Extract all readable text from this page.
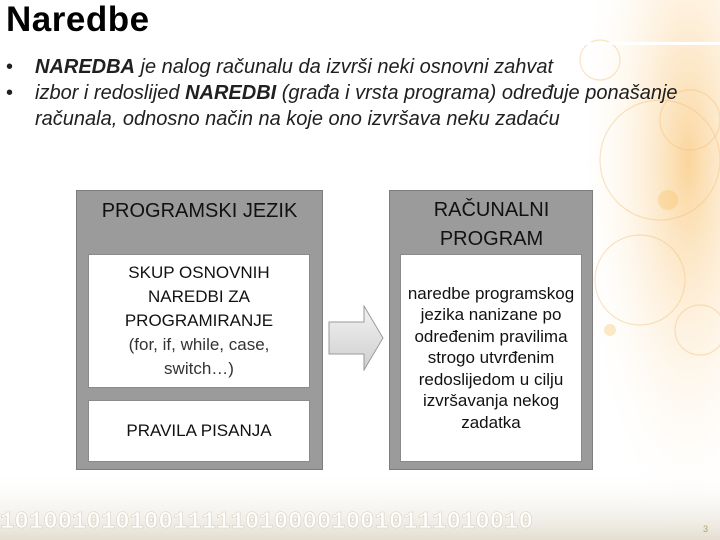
Naredbe
• NAREDBA je nalog računalu da izvrši neki osnovni zahvat
• izbor i redoslijed NAREDBI (građa i vrsta programa) određuje ponašanje računala, odnosno način na koje ono izvršava neku zadaću
PROGRAMSKI JEZIK
SKUP OSNOVNIH NAREDBI ZA PROGRAMIRANJE
(for, if, while, case, switch…)
PRAVILA PISANJA
RAČUNALNI PROGRAM
naredbe programskog jezika nanizane po određenim pravilima strogo utvrđenim redoslijedom u cilju izvršavanja nekog zadatka
1010010101001111101000010010111010010	3
